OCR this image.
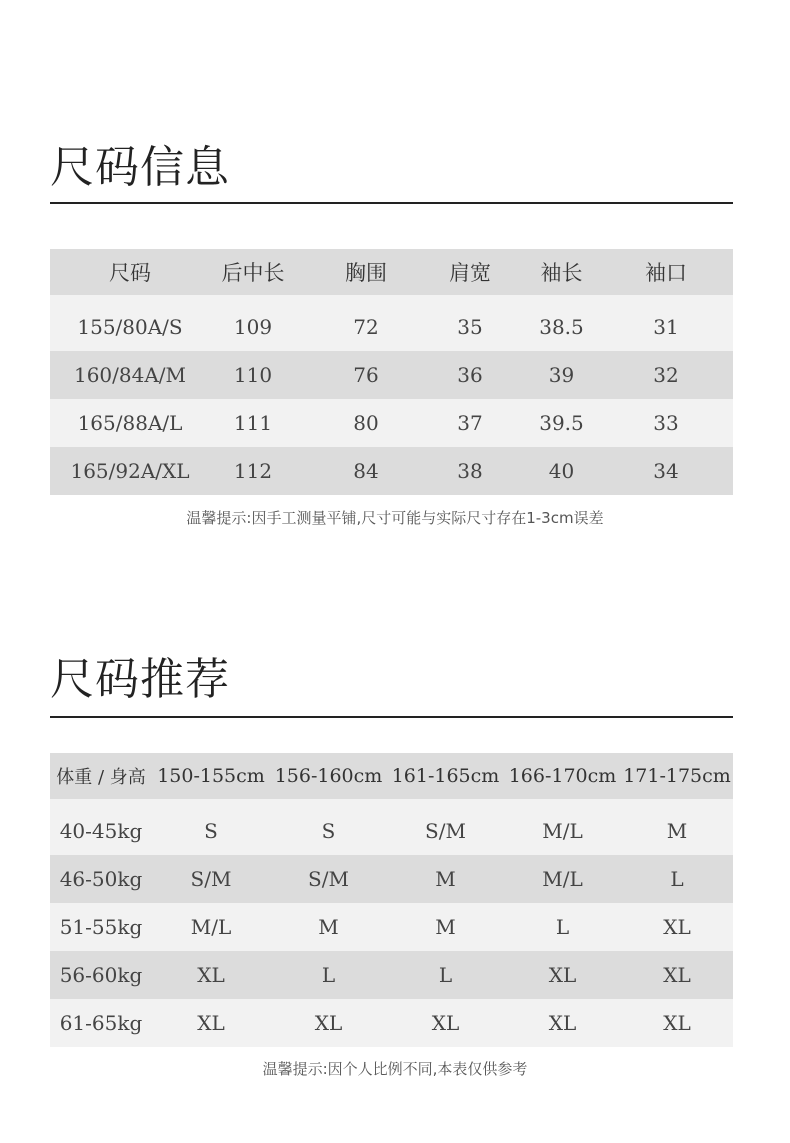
尺码信息
尺码	后中长	胸围	肩宽	袖长	袖口
155/80A/S	109	72	35	38.5	31
160/84A/M	110	76	36	39	32
165/88A/L	111	80	37	39.5	33
165/92A/XL	112	84	38	40	34
温馨提示:因手工测量平铺,尺寸可能与实际尺寸存在1-3cm误差
尺码推荐
体重 / 身高 150-155cm 156-160cm 161-165cm 166-170cm 171-175cm
40-45kg	S	S	S/M	M/L	M
46-50kg	S/M	S/M	M	M/L	L
51-55kg	M/L	M	M	L	XL
56-60kg	XL	L	L	XL	XL
61-65kg	XL	XL	XL	XL	XL
温馨提示:因个人比例不同,本表仅供参考
